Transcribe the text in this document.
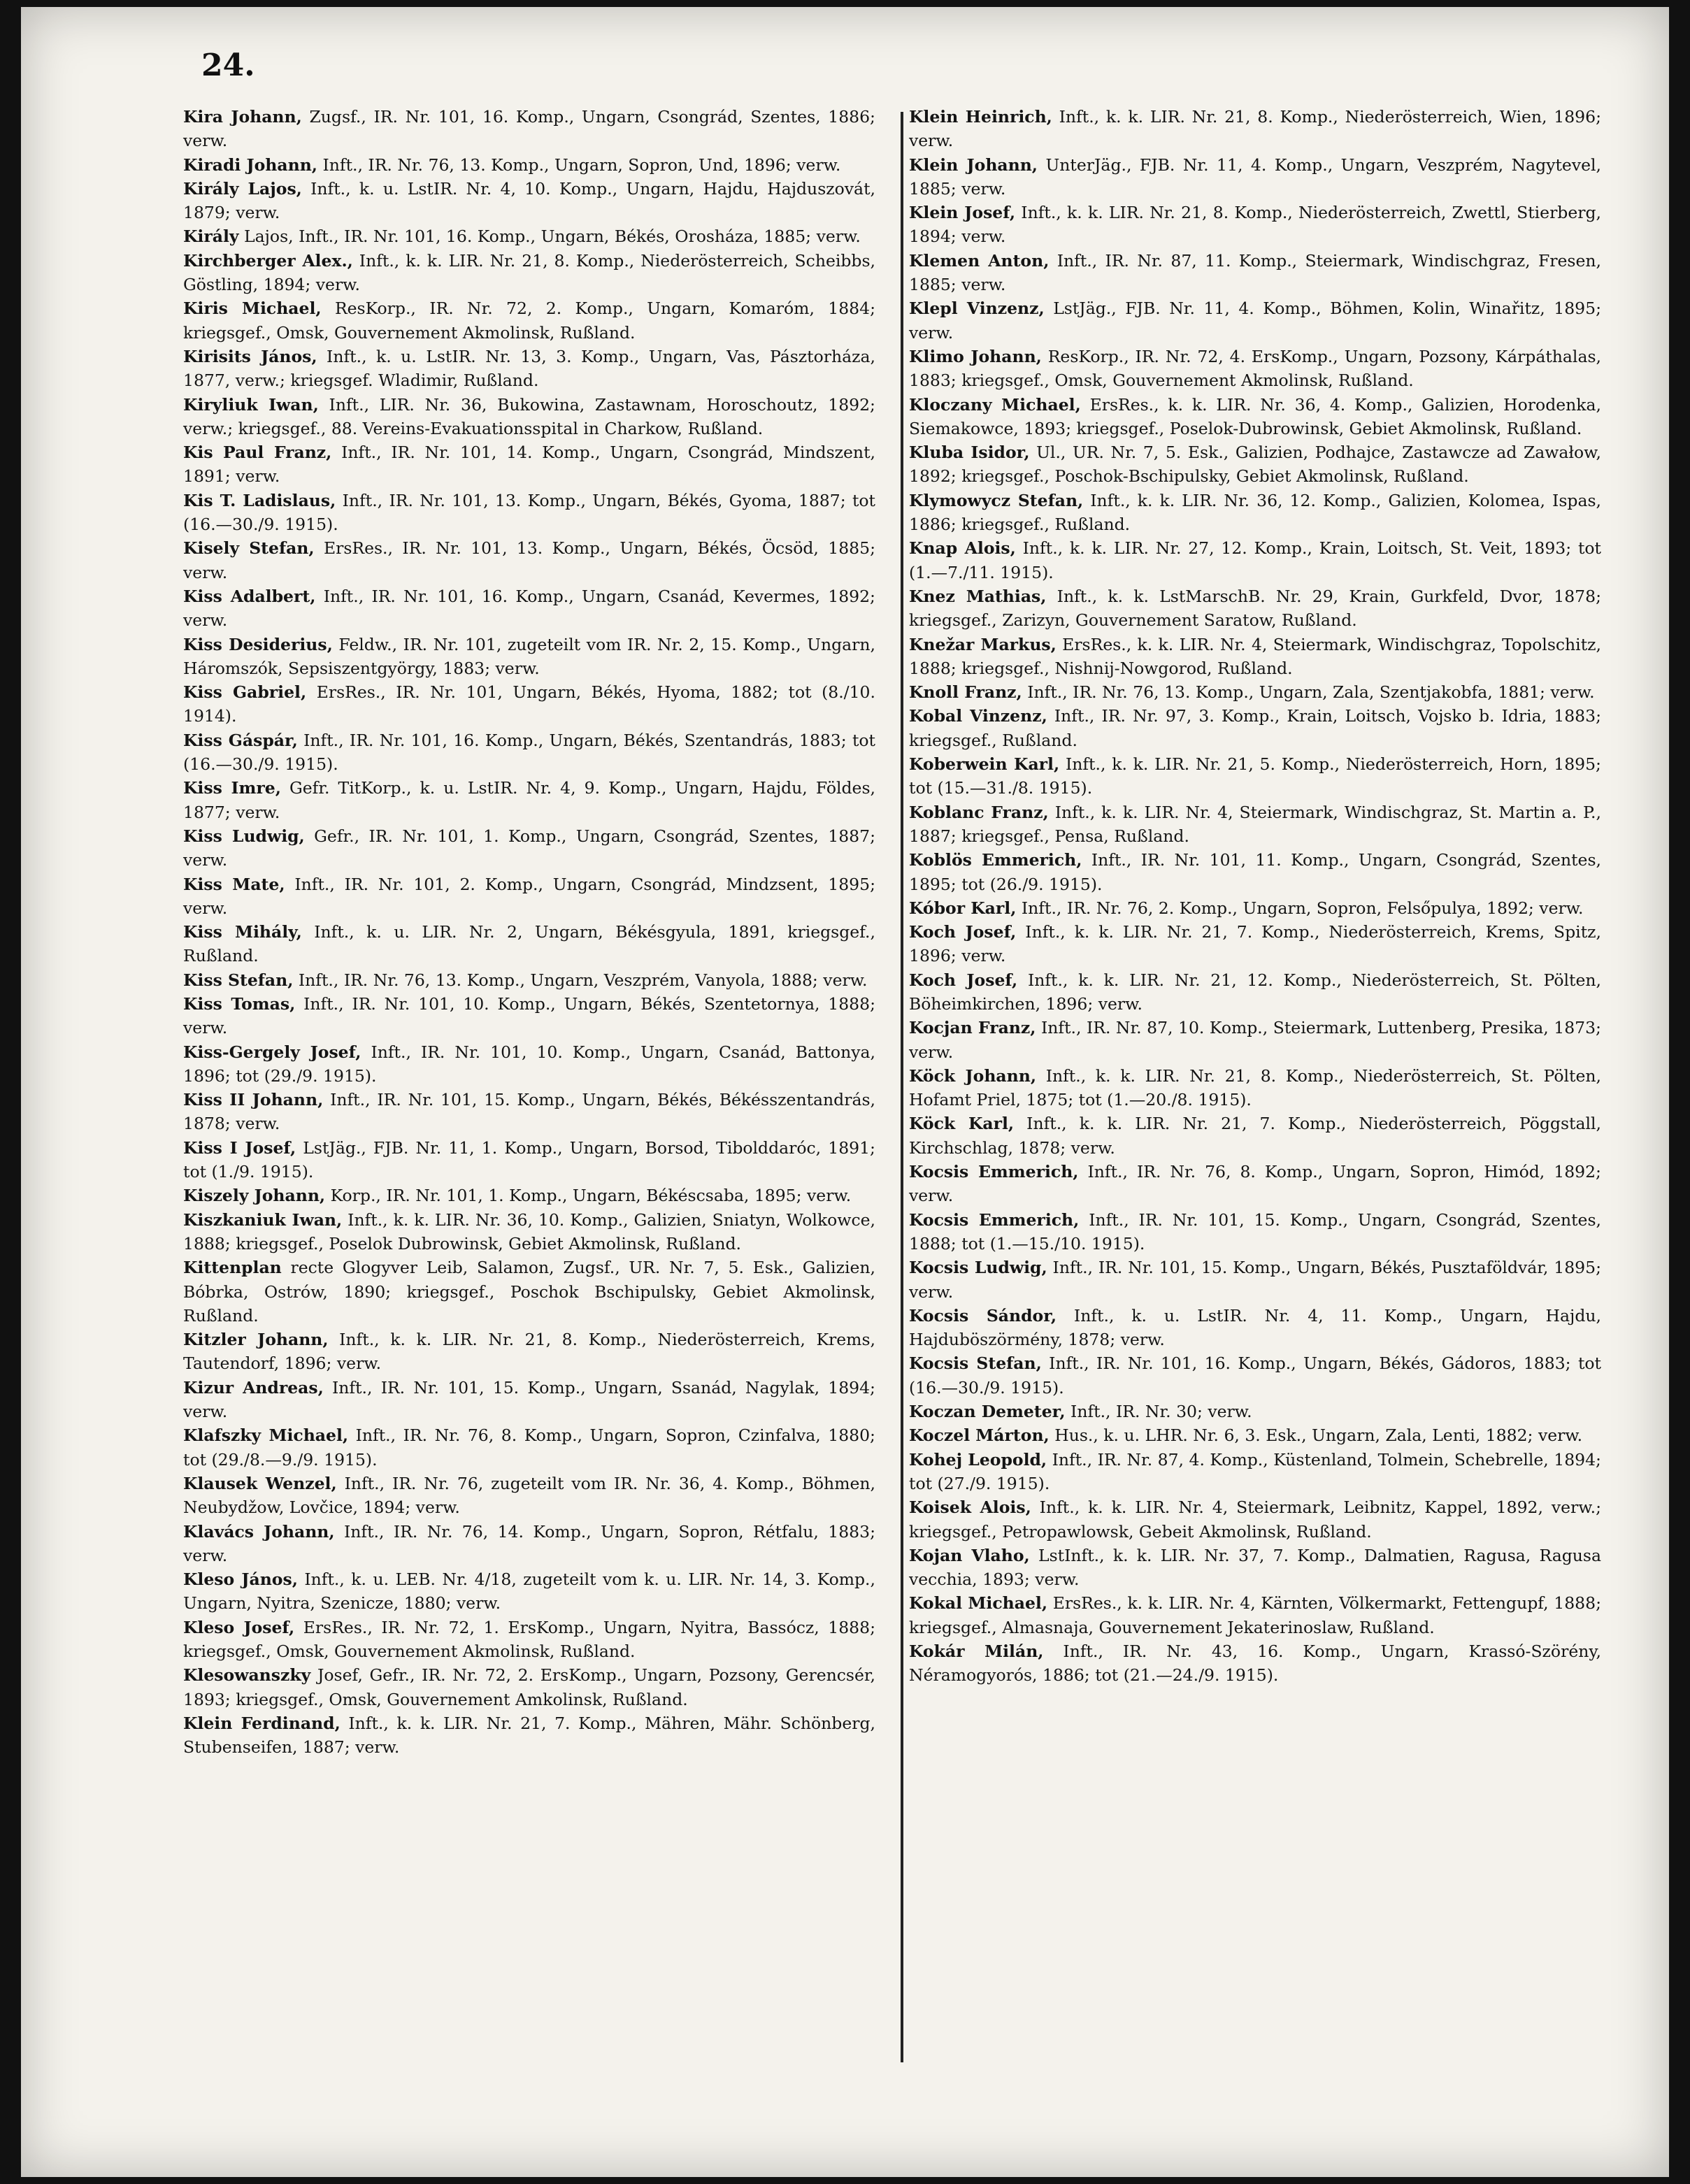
24.

Kira Johann, Zugsf., IR. Nr. 101, 16. Komp., Ungarn, Csongrád, Szentes, 1886; verw.

Kiradi Johann, Inft., IR. Nr. 76, 13. Komp., Ungarn, Sopron, Und, 1896; verw.

Király Lajos, Inft., k. u. LstIR. Nr. 4, 10. Komp., Ungarn, Hajdu, Hajduszovát, 1879; verw.

Király Lajos, Inft., IR. Nr. 101, 16. Komp., Ungarn, Békés, Orosháza, 1885; verw.

Kirchberger Alex., Inft., k. k. LIR. Nr. 21, 8. Komp., Niederösterreich, Scheibbs, Göstling, 1894; verw.

Kiris Michael, ResKorp., IR. Nr. 72, 2. Komp., Ungarn, Komaróm, 1884; kriegsgef., Omsk, Gouvernement Akmolinsk, Rußland.

Kirisits János, Inft., k. u. LstIR. Nr. 13, 3. Komp., Ungarn, Vas, Pásztorháza, 1877, verw.; kriegsgef. Wladimir, Rußland.

Kiryliuk Iwan, Inft., LIR. Nr. 36, Bukowina, Zastawnam, Horoschoutz, 1892; verw.; kriegsgef., 88. Vereins-Evakuationsspital in Charkow, Rußland.

Kis Paul Franz, Inft., IR. Nr. 101, 14. Komp., Ungarn, Csongrád, Mindszent, 1891; verw.

Kis T. Ladislaus, Inft., IR. Nr. 101, 13. Komp., Ungarn, Békés, Gyoma, 1887; tot (16.—30./9. 1915).

Kisely Stefan, ErsRes., IR. Nr. 101, 13. Komp., Ungarn, Békés, Öcsöd, 1885; verw.

Kiss Adalbert, Inft., IR. Nr. 101, 16. Komp., Ungarn, Csanád, Kevermes, 1892; verw.

Kiss Desiderius, Feldw., IR. Nr. 101, zugeteilt vom IR. Nr. 2, 15. Komp., Ungarn, Háromszók, Sepsiszentgyörgy, 1883; verw.

Kiss Gabriel, ErsRes., IR. Nr. 101, Ungarn, Békés, Hyoma, 1882; tot (8./10. 1914).

Kiss Gáspár, Inft., IR. Nr. 101, 16. Komp., Ungarn, Békés, Szentandrás, 1883; tot (16.—30./9. 1915).

Kiss Imre, Gefr. TitKorp., k. u. LstIR. Nr. 4, 9. Komp., Ungarn, Hajdu, Földes, 1877; verw.

Kiss Ludwig, Gefr., IR. Nr. 101, 1. Komp., Ungarn, Csongrád, Szentes, 1887; verw.

Kiss Mate, Inft., IR. Nr. 101, 2. Komp., Ungarn, Csongrád, Mindzsent, 1895; verw.

Kiss Mihály, Inft., k. u. LIR. Nr. 2, Ungarn, Békésgyula, 1891, kriegsgef., Rußland.

Kiss Stefan, Inft., IR. Nr. 76, 13. Komp., Ungarn, Veszprém, Vanyola, 1888; verw.

Kiss Tomas, Inft., IR. Nr. 101, 10. Komp., Ungarn, Békés, Szentetornya, 1888; verw.

Kiss-Gergely Josef, Inft., IR. Nr. 101, 10. Komp., Ungarn, Csanád, Battonya, 1896; tot (29./9. 1915).

Kiss II Johann, Inft., IR. Nr. 101, 15. Komp., Ungarn, Békés, Békésszentandrás, 1878; verw.

Kiss I Josef, LstJäg., FJB. Nr. 11, 1. Komp., Ungarn, Borsod, Tibolddaróc, 1891; tot (1./9. 1915).

Kiszely Johann, Korp., IR. Nr. 101, 1. Komp., Ungarn, Békéscsaba, 1895; verw.

Kiszkaniuk Iwan, Inft., k. k. LIR. Nr. 36, 10. Komp., Galizien, Sniatyn, Wolkowce, 1888; kriegsgef., Poselok Dubrowinsk, Gebiet Akmolinsk, Rußland.

Kittenplan recte Glogyver Leib, Salamon, Zugsf., UR. Nr. 7, 5. Esk., Galizien, Bóbrka, Ostrów, 1890; kriegsgef., Poschok Bschipulsky, Gebiet Akmolinsk, Rußland.

Kitzler Johann, Inft., k. k. LIR. Nr. 21, 8. Komp., Niederösterreich, Krems, Tautendorf, 1896; verw.

Kizur Andreas, Inft., IR. Nr. 101, 15. Komp., Ungarn, Ssanád, Nagylak, 1894; verw.

Klafszky Michael, Inft., IR. Nr. 76, 8. Komp., Ungarn, Sopron, Czinfalva, 1880; tot (29./8.—9./9. 1915).

Klausek Wenzel, Inft., IR. Nr. 76, zugeteilt vom IR. Nr. 36, 4. Komp., Böhmen, Neubydžow, Lovčice, 1894; verw.

Klavács Johann, Inft., IR. Nr. 76, 14. Komp., Ungarn, Sopron, Rétfalu, 1883; verw.

Kleso János, Inft., k. u. LEB. Nr. 4/18, zugeteilt vom k. u. LIR. Nr. 14, 3. Komp., Ungarn, Nyitra, Szenicze, 1880; verw.

Kleso Josef, ErsRes., IR. Nr. 72, 1. ErsKomp., Ungarn, Nyitra, Bassócz, 1888; kriegsgef., Omsk, Gouvernement Akmolinsk, Rußland.

Klesowanszky Josef, Gefr., IR. Nr. 72, 2. ErsKomp., Ungarn, Pozsony, Gerencsér, 1893; kriegsgef., Omsk, Gouvernement Amkolinsk, Rußland.

Klein Ferdinand, Inft., k. k. LIR. Nr. 21, 7. Komp., Mähren, Mähr. Schönberg, Stubenseifen, 1887; verw.

Klein Heinrich, Inft., k. k. LIR. Nr. 21, 8. Komp., Niederösterreich, Wien, 1896; verw.

Klein Johann, UnterJäg., FJB. Nr. 11, 4. Komp., Ungarn, Veszprém, Nagytevel, 1885; verw.

Klein Josef, Inft., k. k. LIR. Nr. 21, 8. Komp., Niederösterreich, Zwettl, Stierberg, 1894; verw.

Klemen Anton, Inft., IR. Nr. 87, 11. Komp., Steiermark, Windischgraz, Fresen, 1885; verw.

Klepl Vinzenz, LstJäg., FJB. Nr. 11, 4. Komp., Böhmen, Kolin, Winařitz, 1895; verw.

Klimo Johann, ResKorp., IR. Nr. 72, 4. ErsKomp., Ungarn, Pozsony, Kárpáthalas, 1883; kriegsgef., Omsk, Gouvernement Akmolinsk, Rußland.

Kloczany Michael, ErsRes., k. k. LIR. Nr. 36, 4. Komp., Galizien, Horodenka, Siemakowce, 1893; kriegsgef., Poselok-Dubrowinsk, Gebiet Akmolinsk, Rußland.

Kluba Isidor, Ul., UR. Nr. 7, 5. Esk., Galizien, Podhajce, Zastawcze ad Zawałow, 1892; kriegsgef., Poschok-Bschipulsky, Gebiet Akmolinsk, Rußland.

Klymowycz Stefan, Inft., k. k. LIR. Nr. 36, 12. Komp., Galizien, Kolomea, Ispas, 1886; kriegsgef., Rußland.

Knap Alois, Inft., k. k. LIR. Nr. 27, 12. Komp., Krain, Loitsch, St. Veit, 1893; tot (1.—7./11. 1915).

Knez Mathias, Inft., k. k. LstMarschB. Nr. 29, Krain, Gurkfeld, Dvor, 1878; kriegsgef., Zarizyn, Gouvernement Saratow, Rußland.

Knežar Markus, ErsRes., k. k. LIR. Nr. 4, Steiermark, Windischgraz, Topolschitz, 1888; kriegsgef., Nishnij-Nowgorod, Rußland.

Knoll Franz, Inft., IR. Nr. 76, 13. Komp., Ungarn, Zala, Szentjakobfa, 1881; verw.

Kobal Vinzenz, Inft., IR. Nr. 97, 3. Komp., Krain, Loitsch, Vojsko b. Idria, 1883; kriegsgef., Rußland.

Koberwein Karl, Inft., k. k. LIR. Nr. 21, 5. Komp., Niederösterreich, Horn, 1895; tot (15.—31./8. 1915).

Koblanc Franz, Inft., k. k. LIR. Nr. 4, Steiermark, Windischgraz, St. Martin a. P., 1887; kriegsgef., Pensa, Rußland.

Koblös Emmerich, Inft., IR. Nr. 101, 11. Komp., Ungarn, Csongrád, Szentes, 1895; tot (26./9. 1915).

Kóbor Karl, Inft., IR. Nr. 76, 2. Komp., Ungarn, Sopron, Felsőpulya, 1892; verw.

Koch Josef, Inft., k. k. LIR. Nr. 21, 7. Komp., Niederösterreich, Krems, Spitz, 1896; verw.

Koch Josef, Inft., k. k. LIR. Nr. 21, 12. Komp., Niederösterreich, St. Pölten, Böheimkirchen, 1896; verw.

Kocjan Franz, Inft., IR. Nr. 87, 10. Komp., Steiermark, Luttenberg, Presika, 1873; verw.

Köck Johann, Inft., k. k. LIR. Nr. 21, 8. Komp., Niederösterreich, St. Pölten, Hofamt Priel, 1875; tot (1.—20./8. 1915).

Köck Karl, Inft., k. k. LIR. Nr. 21, 7. Komp., Niederösterreich, Pöggstall, Kirchschlag, 1878; verw.

Kocsis Emmerich, Inft., IR. Nr. 76, 8. Komp., Ungarn, Sopron, Himód, 1892; verw.

Kocsis Emmerich, Inft., IR. Nr. 101, 15. Komp., Ungarn, Csongrád, Szentes, 1888; tot (1.—15./10. 1915).

Kocsis Ludwig, Inft., IR. Nr. 101, 15. Komp., Ungarn, Békés, Pusztaföldvár, 1895; verw.

Kocsis Sándor, Inft., k. u. LstIR. Nr. 4, 11. Komp., Ungarn, Hajdu, Hajduböszörmény, 1878; verw.

Kocsis Stefan, Inft., IR. Nr. 101, 16. Komp., Ungarn, Békés, Gádoros, 1883; tot (16.—30./9. 1915).

Koczan Demeter, Inft., IR. Nr. 30; verw.

Koczel Márton, Hus., k. u. LHR. Nr. 6, 3. Esk., Ungarn, Zala, Lenti, 1882; verw.

Kohej Leopold, Inft., IR. Nr. 87, 4. Komp., Küstenland, Tolmein, Schebrelle, 1894; tot (27./9. 1915).

Koisek Alois, Inft., k. k. LIR. Nr. 4, Steiermark, Leibnitz, Kappel, 1892, verw.; kriegsgef., Petropawlowsk, Gebeit Akmolinsk, Rußland.

Kojan Vlaho, LstInft., k. k. LIR. Nr. 37, 7. Komp., Dalmatien, Ragusa, Ragusa vecchia, 1893; verw.

Kokal Michael, ErsRes., k. k. LIR. Nr. 4, Kärnten, Völkermarkt, Fettengupf, 1888; kriegsgef., Almasnaja, Gouvernement Jekaterinoslaw, Rußland.

Kokár Milán, Inft., IR. Nr. 43, 16. Komp., Ungarn, Krassó-Szörény, Néramogyorós, 1886; tot (21.—24./9. 1915).
